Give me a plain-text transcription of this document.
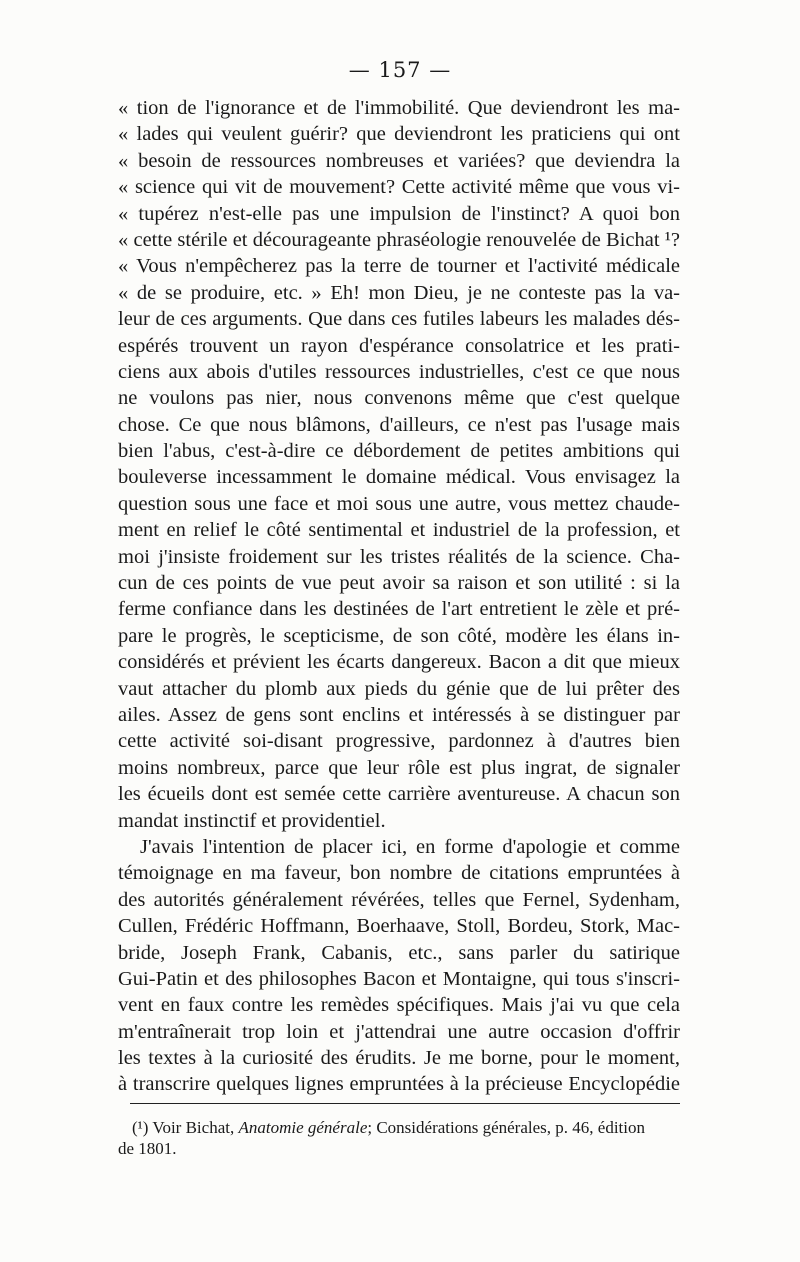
— 157 —
« tion de l'ignorance et de l'immobilité. Que deviendront les ma-
« lades qui veulent guérir? que deviendront les praticiens qui ont
« besoin de ressources nombreuses et variées? que deviendra la
« science qui vit de mouvement? Cette activité même que vous vi-
« tupérez n'est-elle pas une impulsion de l'instinct? A quoi bon
« cette stérile et décourageante phraséologie renouvelée de Bichat ¹?
« Vous n'empêcherez pas la terre de tourner et l'activité médicale
« de se produire, etc. » Eh! mon Dieu, je ne conteste pas la va-
leur de ces arguments. Que dans ces futiles labeurs les malades dés-
espérés trouvent un rayon d'espérance consolatrice et les prati-
ciens aux abois d'utiles ressources industrielles, c'est ce que nous
ne voulons pas nier, nous convenons même que c'est quelque
chose. Ce que nous blâmons, d'ailleurs, ce n'est pas l'usage mais
bien l'abus, c'est-à-dire ce débordement de petites ambitions qui
bouleverse incessamment le domaine médical. Vous envisagez la
question sous une face et moi sous une autre, vous mettez chaude-
ment en relief le côté sentimental et industriel de la profession, et
moi j'insiste froidement sur les tristes réalités de la science. Cha-
cun de ces points de vue peut avoir sa raison et son utilité : si la
ferme confiance dans les destinées de l'art entretient le zèle et pré-
pare le progrès, le scepticisme, de son côté, modère les élans in-
considérés et prévient les écarts dangereux. Bacon a dit que mieux
vaut attacher du plomb aux pieds du génie que de lui prêter des
ailes. Assez de gens sont enclins et intéressés à se distinguer par
cette activité soi-disant progressive, pardonnez à d'autres bien
moins nombreux, parce que leur rôle est plus ingrat, de signaler
les écueils dont est semée cette carrière aventureuse. A chacun son
mandat instinctif et providentiel.
J'avais l'intention de placer ici, en forme d'apologie et comme
témoignage en ma faveur, bon nombre de citations empruntées à
des autorités généralement révérées, telles que Fernel, Sydenham,
Cullen, Frédéric Hoffmann, Boerhaave, Stoll, Bordeu, Stork, Mac-
bride, Joseph Frank, Cabanis, etc., sans parler du satirique
Gui-Patin et des philosophes Bacon et Montaigne, qui tous s'inscri-
vent en faux contre les remèdes spécifiques. Mais j'ai vu que cela
m'entraînerait trop loin et j'attendrai une autre occasion d'offrir
les textes à la curiosité des érudits. Je me borne, pour le moment,
à transcrire quelques lignes empruntées à la précieuse Encyclopédie
(¹) Voir Bichat, Anatomie générale; Considérations générales, p. 46, édition
de 1801.
